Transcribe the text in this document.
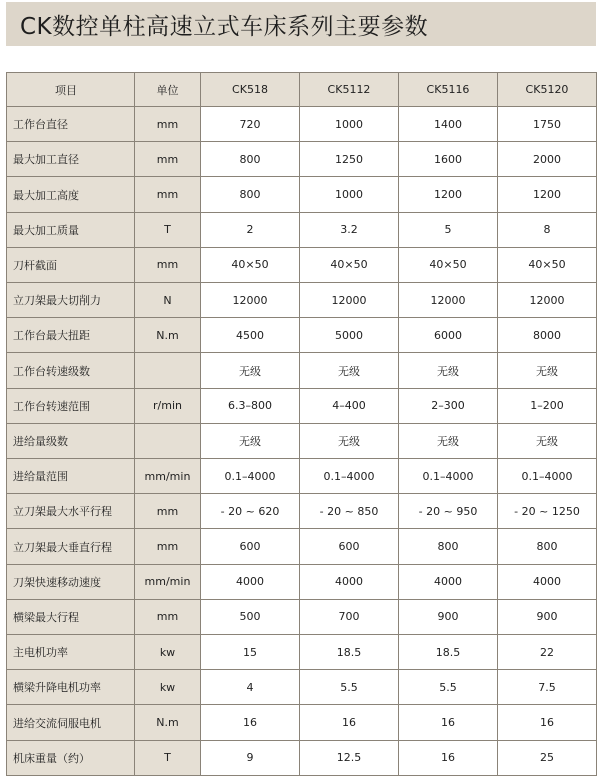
CK数控单柱高速立式车床系列主要参数
项目	单位	CK518	CK5112	CK5116	CK5120
工作台直径	mm	720	1000	1400	1750
最大加工直径	mm	800	1250	1600	2000
最大加工高度	mm	800	1000	1200	1200
最大加工质量	T	2	3.2	5	8
刀杆截面	mm	40×50	40×50	40×50	40×50
立刀架最大切削力	N	12000	12000	12000	12000
工作台最大扭距	N.m	4500	5000	6000	8000
工作台转速级数		无级	无级	无级	无级
工作台转速范围	r/min	6.3–800	4–400	2–300	1–200
进给量级数		无级	无级	无级	无级
进给量范围	mm/min	0.1–4000	0.1–4000	0.1–4000	0.1–4000
立刀架最大水平行程	mm	- 20 ~ 620	- 20 ~ 850	- 20 ~ 950	- 20 ~ 1250
立刀架最大垂直行程	mm	600	600	800	800
刀架快速移动速度	mm/min	4000	4000	4000	4000
横梁最大行程	mm	500	700	900	900
主电机功率	kw	15	18.5	18.5	22
横梁升降电机功率	kw	4	5.5	5.5	7.5
进给交流伺服电机	N.m	16	16	16	16
机床重量（约）	T	9	12.5	16	25
